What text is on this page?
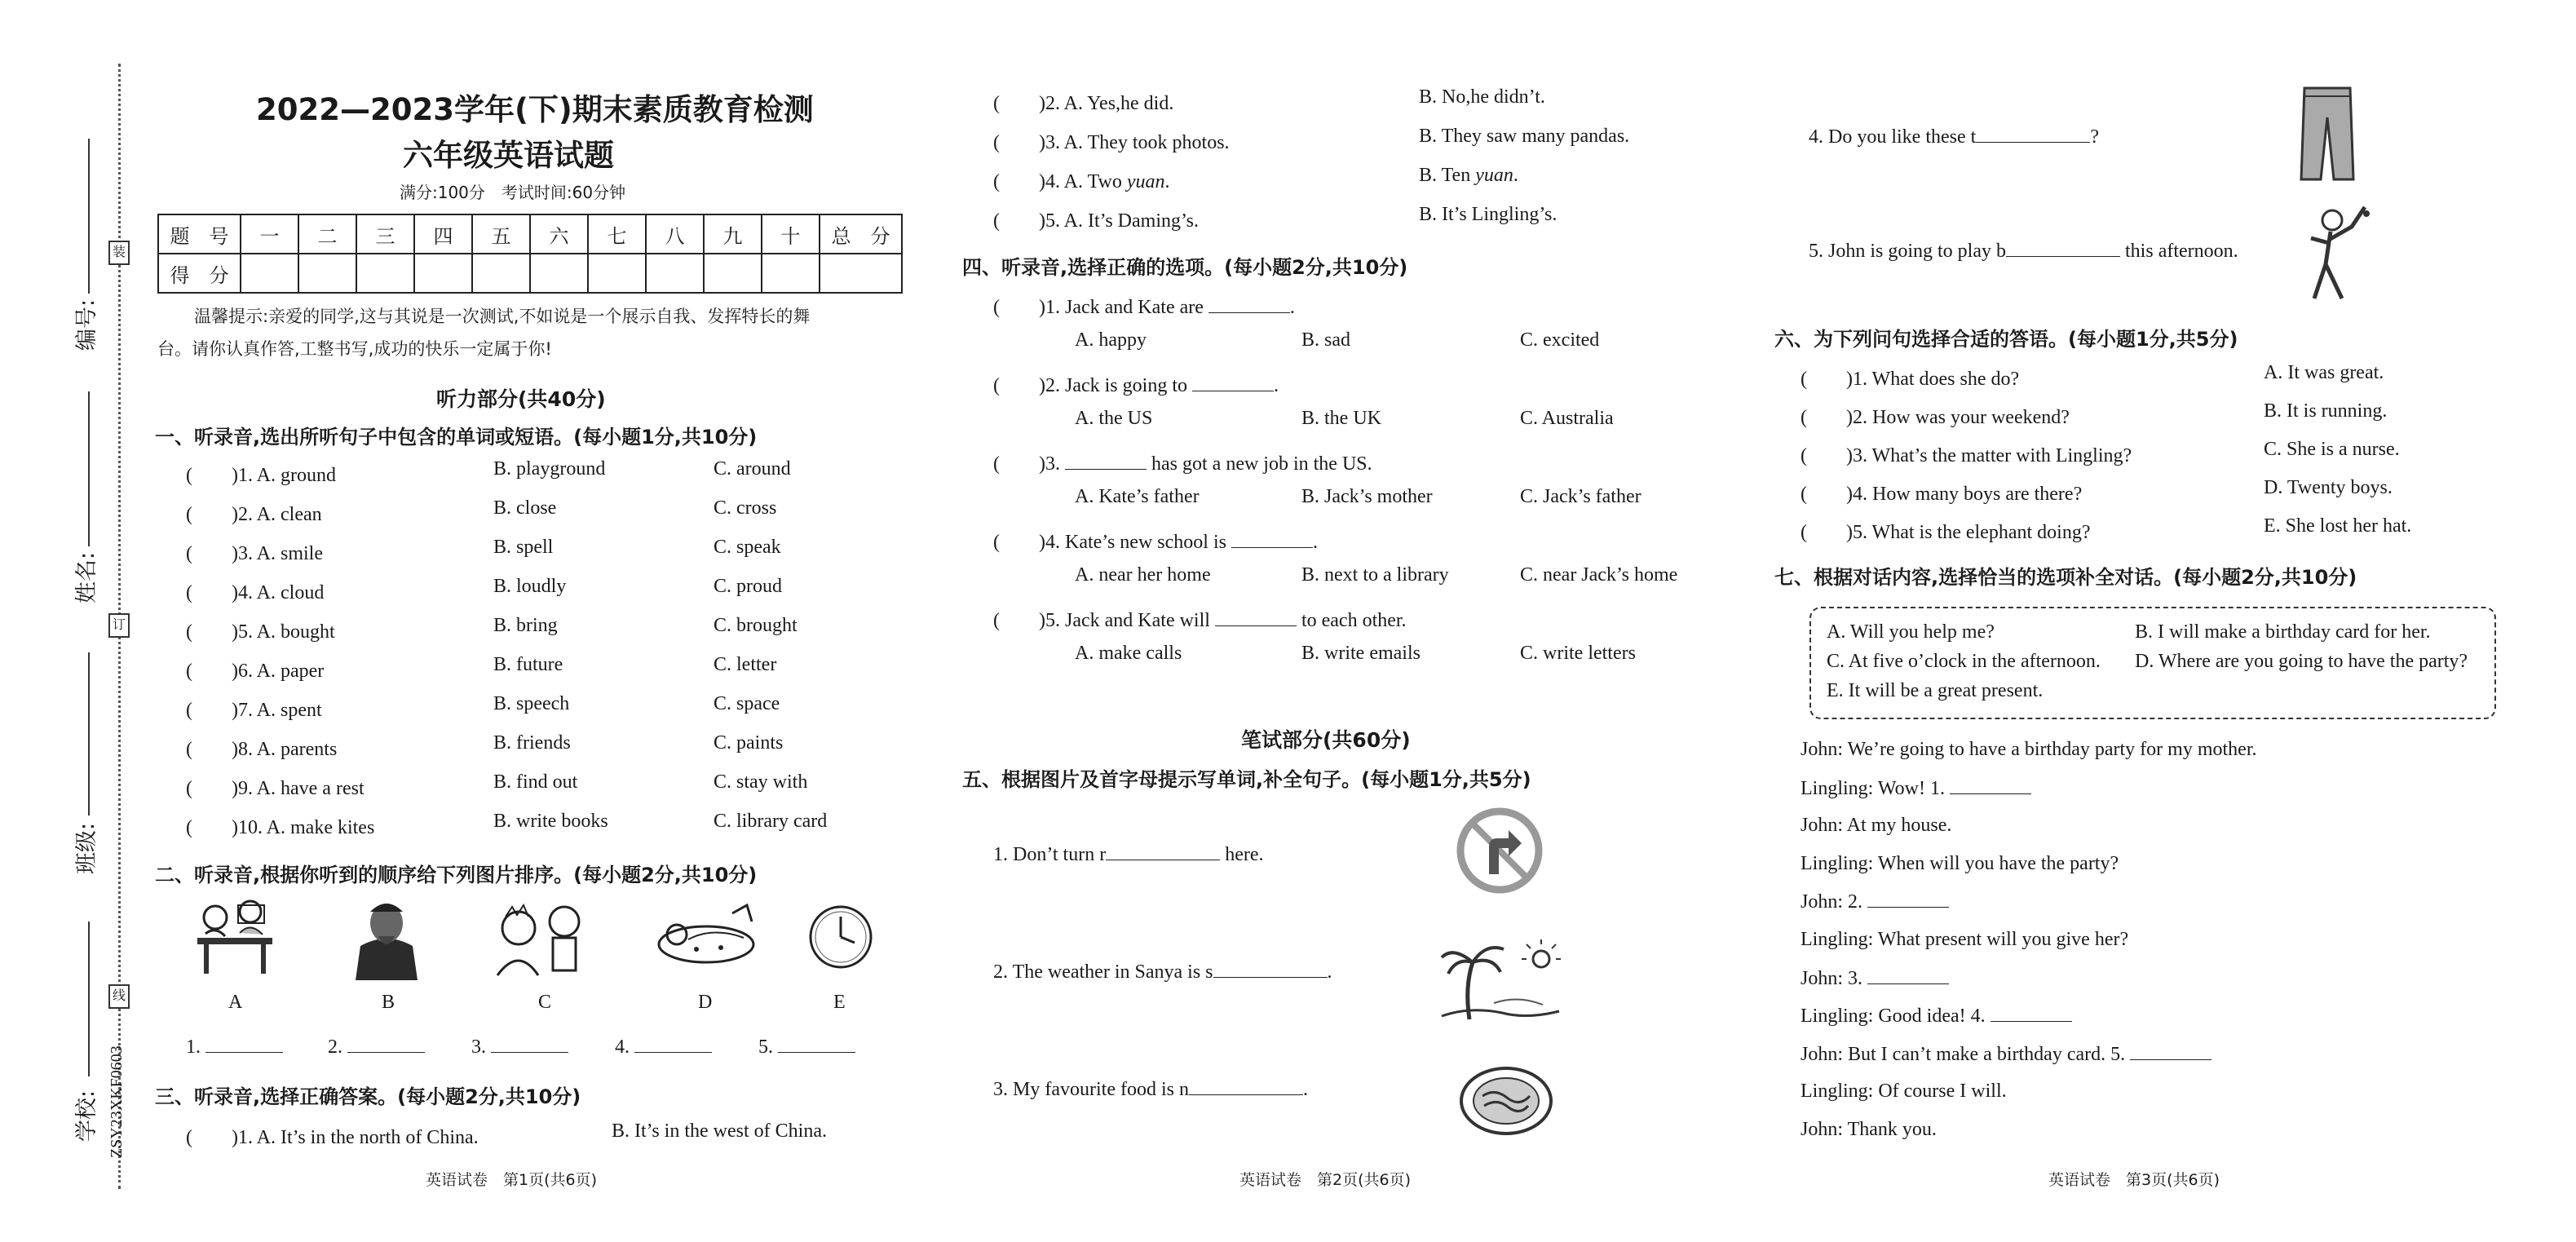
装
订
线
编号:
姓名:
班级:
学校: ZSY23XKF0603
2022—2023学年(下)期末素质教育检测
六年级英语试题
满分:100分　考试时间:60分钟
题　号	一	二	三	四	五	六	七	八	九	十	总　分
得　分											
温馨提示:亲爱的同学,这与其说是一次测试,不如说是一个展示自我、发挥特长的舞
台。请你认真作答,工整书写,成功的快乐一定属于你!
听力部分(共40分)
一、听录音,选出所听句子中包含的单词或短语。(每小题1分,共10分)
(　　)1. A. ground	B. playground	C. around
(　　)2. A. clean	B. close	C. cross
(　　)3. A. smile	B. spell	C. speak
(　　)4. A. cloud	B. loudly	C. proud
(　　)5. A. bought	B. bring	C. brought
(　　)6. A. paper	B. future	C. letter
(　　)7. A. spent	B. speech	C. space
(　　)8. A. parents	B. friends	C. paints
(　　)9. A. have a rest	B. find out	C. stay with
(　　)10. A. make kites	B. write books	C. library card
二、听录音,根据你听到的顺序给下列图片排序。(每小题2分,共10分)
A	B	C	D	E
1.	2.	3.	4.	5.
三、听录音,选择正确答案。(每小题2分,共10分)
(　　)1. A. It’s in the north of China.	B. It’s in the west of China.
英语试卷　第1页(共6页)
(　　)2. A. Yes,he did.	B. No,he didn’t.
(　　)3. A. They took photos.	B. They saw many pandas.
(　　)4. A. Two yuan.	B. Ten yuan.
(　　)5. A. It’s Daming’s.	B. It’s Lingling’s.
四、听录音,选择正确的选项。(每小题2分,共10分)
(　　)1. Jack and Kate are	.
A. happy	B. sad	C. excited
(　　)2. Jack is going to	.
A. the US	B. the UK	C. Australia
(　　)3.	has got a new job in the US.
A. Kate’s father	B. Jack’s mother	C. Jack’s father
(　　)4. Kate’s new school is	.
A. near her home	B. next to a library	C. near Jack’s home
(　　)5. Jack and Kate will	to each other.
A. make calls	B. write emails	C. write letters
笔试部分(共60分)
五、根据图片及首字母提示写单词,补全句子。(每小题1分,共5分)
1. Don’t turn r	here.
2. The weather in Sanya is s	.
3. My favourite food is n	.
英语试卷　第2页(共6页)
4. Do you like these t	?
5. John is going to play b	this afternoon.
六、为下列问句选择合适的答语。(每小题1分,共5分)
(　　)1. What does she do?	A. It was great.
(　　)2. How was your weekend?	B. It is running.
(　　)3. What’s the matter with Lingling?	C. She is a nurse.
(　　)4. How many boys are there?	D. Twenty boys.
(　　)5. What is the elephant doing?	E. She lost her hat.
七、根据对话内容,选择恰当的选项补全对话。(每小题2分,共10分)
A. Will you help me?	B. I will make a birthday card for her.
C. At five o’clock in the afternoon. D. Where are you going to have the party?
E. It will be a great present.
John: We’re going to have a birthday party for my mother.
Lingling: Wow! 1.
John: At my house.
Lingling: When will you have the party?
John: 2.
Lingling: What present will you give her?
John: 3.
Lingling: Good idea! 4.
John: But I can’t make a birthday card. 5.
Lingling: Of course I will.
John: Thank you.
英语试卷　第3页(共6页)
